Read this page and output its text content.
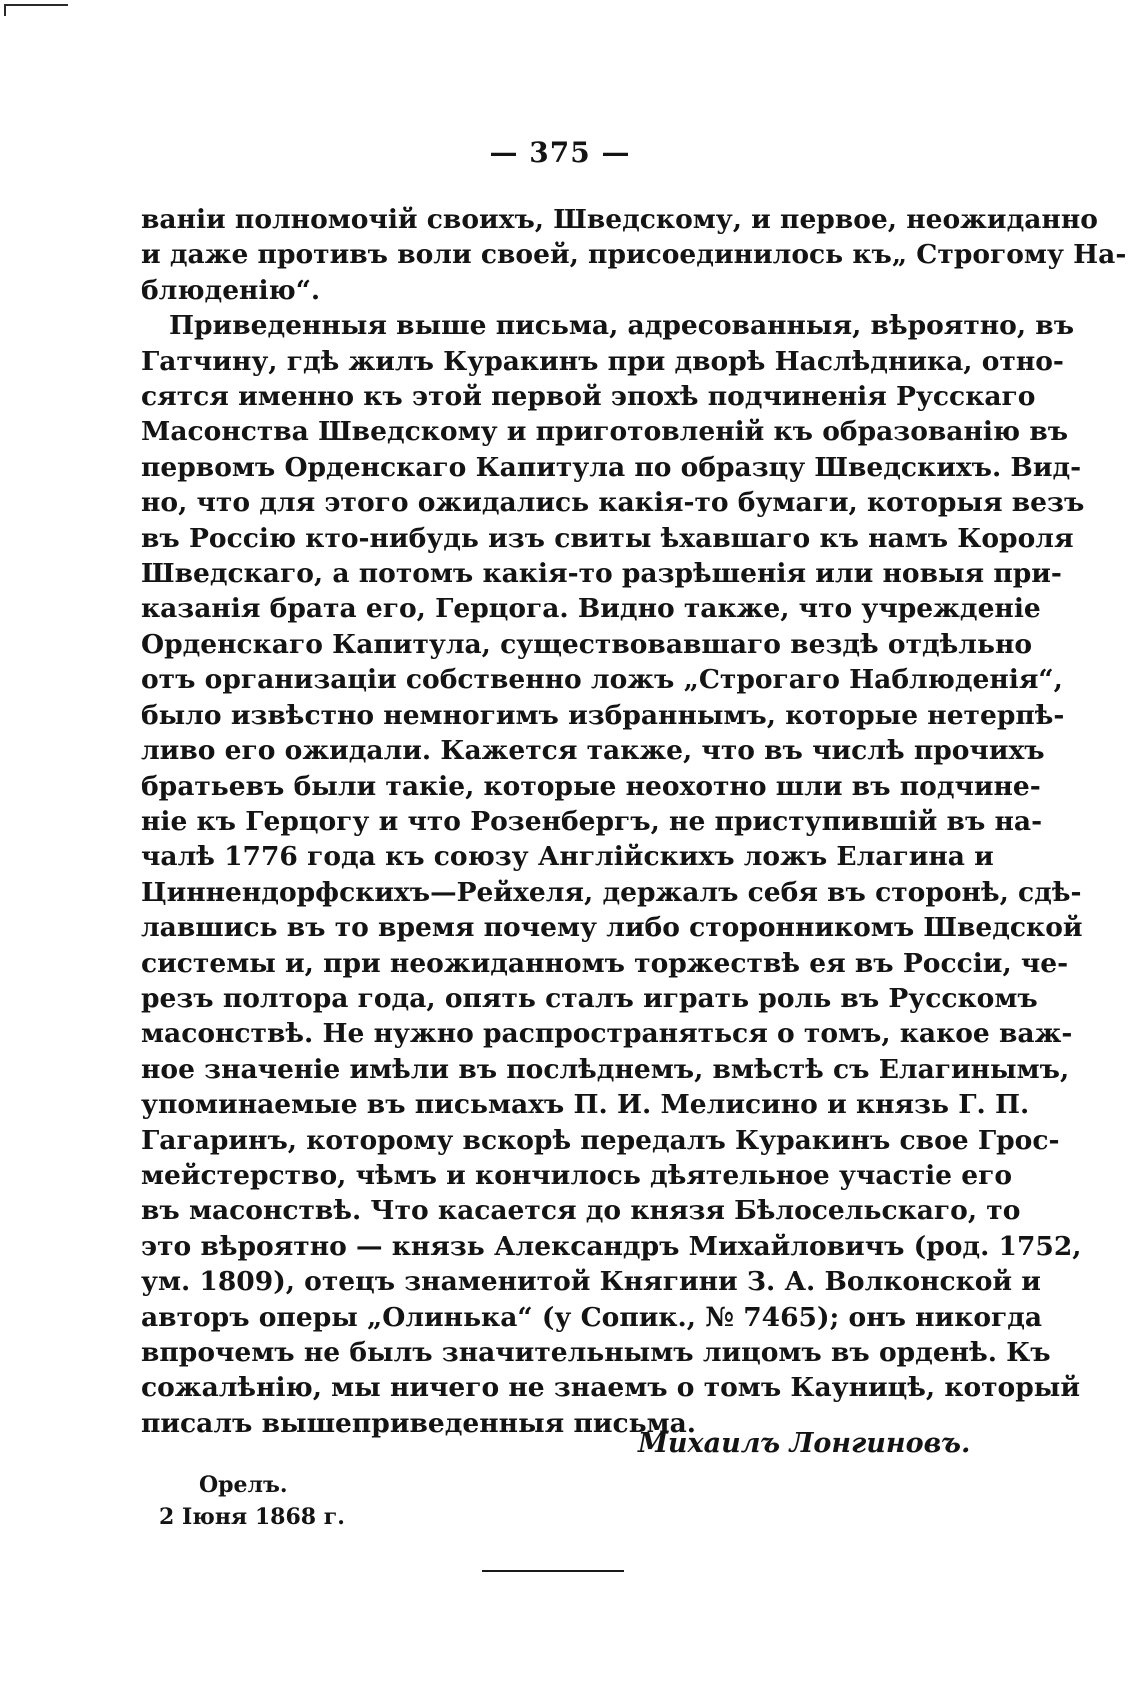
— 375 —
ваніи полномочій своихъ, Шведскому, и первое, неожиданно
и даже противъ воли своей, присоединилось къ„ Строгому На-
блюденію“.
Приведенныя выше письма, адресованныя, вѣроятно, въ
Гатчину, гдѣ жилъ Куракинъ при дворѣ Наслѣдника, отно-
сятся именно къ этой первой эпохѣ подчиненія Русскаго
Масонства Шведскому и приготовленій къ образованію въ
первомъ Орденскаго Капитула по образцу Шведскихъ. Вид-
но, что для этого ожидались какія-то бумаги, которыя везъ
въ Россію кто-нибудь изъ свиты ѣхавшаго къ намъ Короля
Шведскаго, а потомъ какія-то разрѣшенія или новыя при-
казанія брата его, Герцога. Видно также, что учрежденіе
Орденскаго Капитула, существовавшаго вездѣ отдѣльно
отъ организаціи собственно ложъ „Строгаго Наблюденія“,
было извѣстно немногимъ избраннымъ, которые нетерпѣ-
ливо его ожидали. Кажется также, что въ числѣ прочихъ
братьевъ были такіе, которые неохотно шли въ подчине-
ніе къ Герцогу и что Розенбергъ, не приступившій въ на-
чалѣ 1776 года къ союзу Англійскихъ ложъ Елагина и
Циннендорфскихъ—Рейхеля, держалъ себя въ сторонѣ, сдѣ-
лавшись въ то время почему либо сторонникомъ Шведской
системы и, при неожиданномъ торжествѣ ея въ Россіи, че-
резъ полтора года, опять сталъ играть роль въ Русскомъ
масонствѣ. Не нужно распространяться о томъ, какое важ-
ное значеніе имѣли въ послѣднемъ, вмѣстѣ съ Елагинымъ,
упоминаемые въ письмахъ П. И. Мелисино и князь Г. П.
Гагаринъ, которому вскорѣ передалъ Куракинъ свое Грос-
мейстерство, чѣмъ и кончилось дѣятельное участіе его
въ масонствѣ. Что касается до князя Бѣлосельскаго, то
это вѣроятно — князь Александръ Михайловичъ (род. 1752,
ум. 1809), отецъ знаменитой Княгини З. А. Волконской и
авторъ оперы „Олинька“ (у Сопик., № 7465); онъ никогда
впрочемъ не былъ значительнымъ лицомъ въ орденѣ. Къ
сожалѣнію, мы ничего не знаемъ о томъ Кауницѣ, который
писалъ вышеприведенныя письма.
Михаилъ Лонгиновъ.
Орелъ.
2 Іюня 1868 г.
